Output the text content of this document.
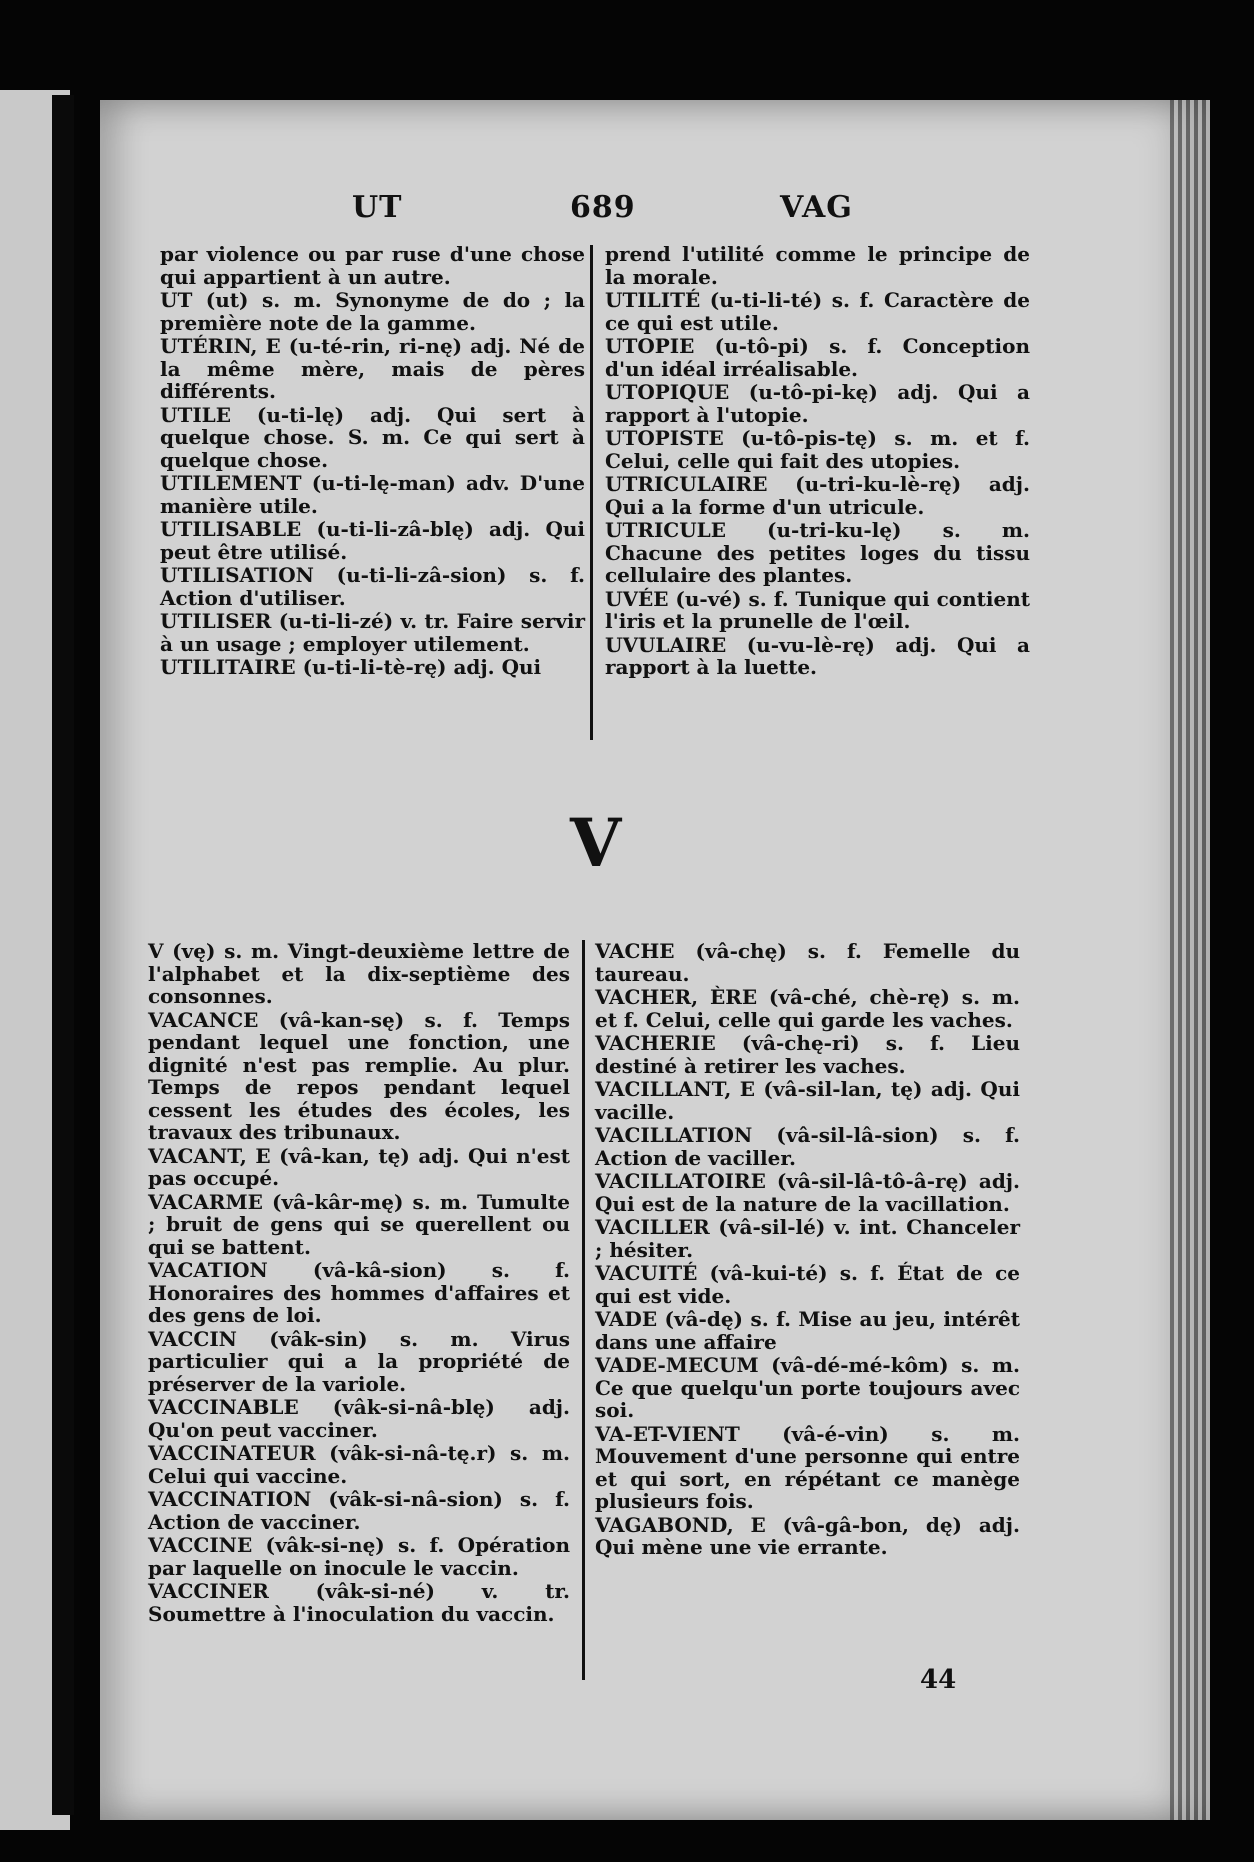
UT	689	VAG
par violence ou par ruse d'une chose qui appartient à un autre.
UT (ut) s. m. Synonyme de do ; la première note de la gamme.
UTÉRIN, E (u-té-rin, ri-nę) adj. Né de la même mère, mais de pères différents.
UTILE (u-ti-lę) adj. Qui sert à quelque chose. S. m. Ce qui sert à quelque chose.
UTILEMENT (u-ti-lę-man) adv. D'une manière utile.
UTILISABLE (u-ti-li-zâ-blę) adj. Qui peut être utilisé.
UTILISATION (u-ti-li-zâ-sion) s. f. Action d'utiliser.
UTILISER (u-ti-li-zé) v. tr. Faire servir à un usage ; employer utilement.
UTILITAIRE (u-ti-li-tè-rę) adj. Qui
prend l'utilité comme le principe de la morale.
UTILITÉ (u-ti-li-té) s. f. Caractère de ce qui est utile.
UTOPIE (u-tô-pi) s. f. Conception d'un idéal irréalisable.
UTOPIQUE (u-tô-pi-kę) adj. Qui a rapport à l'utopie.
UTOPISTE (u-tô-pis-tę) s. m. et f. Celui, celle qui fait des utopies.
UTRICULAIRE (u-tri-ku-lè-rę) adj. Qui a la forme d'un utricule.
UTRICULE (u-tri-ku-lę) s. m. Chacune des petites loges du tissu cellulaire des plantes.
UVÉE (u-vé) s. f. Tunique qui contient l'iris et la prunelle de l'œil.
UVULAIRE (u-vu-lè-rę) adj. Qui a rapport à la luette.
V
V (vę) s. m. Vingt-deuxième lettre de l'alphabet et la dix-septième des consonnes.
VACANCE (vâ-kan-sę) s. f. Temps pendant lequel une fonction, une dignité n'est pas remplie. Au plur. Temps de repos pendant lequel cessent les études des écoles, les travaux des tribunaux.
VACANT, E (vâ-kan, tę) adj. Qui n'est pas occupé.
VACARME (vâ-kâr-mę) s. m. Tumulte ; bruit de gens qui se querellent ou qui se battent.
VACATION (vâ-kâ-sion) s. f. Honoraires des hommes d'affaires et des gens de loi.
VACCIN (vâk-sin) s. m. Virus particulier qui a la propriété de préserver de la variole.
VACCINABLE (vâk-si-nâ-blę) adj. Qu'on peut vacciner.
VACCINATEUR (vâk-si-nâ-tę.r) s. m. Celui qui vaccine.
VACCINATION (vâk-si-nâ-sion) s. f. Action de vacciner.
VACCINE (vâk-si-nę) s. f. Opération par laquelle on inocule le vaccin.
VACCINER (vâk-si-né) v. tr. Soumettre à l'inoculation du vaccin.
VACHE (vâ-chę) s. f. Femelle du taureau.
VACHER, ÈRE (vâ-ché, chè-rę) s. m. et f. Celui, celle qui garde les vaches.
VACHERIE (vâ-chę-ri) s. f. Lieu destiné à retirer les vaches.
VACILLANT, E (vâ-sil-lan, tę) adj. Qui vacille.
VACILLATION (vâ-sil-lâ-sion) s. f. Action de vaciller.
VACILLATOIRE (vâ-sil-lâ-tô-â-rę) adj. Qui est de la nature de la vacillation.
VACILLER (vâ-sil-lé) v. int. Chanceler ; hésiter.
VACUITÉ (vâ-kui-té) s. f. État de ce qui est vide.
VADE (vâ-dę) s. f. Mise au jeu, intérêt dans une affaire
VADE-MECUM (vâ-dé-mé-kôm) s. m. Ce que quelqu'un porte toujours avec soi.
VA-ET-VIENT (vâ-é-vin) s. m. Mouvement d'une personne qui entre et qui sort, en répétant ce manège plusieurs fois.
VAGABOND, E (vâ-gâ-bon, dę) adj. Qui mène une vie errante.
44
